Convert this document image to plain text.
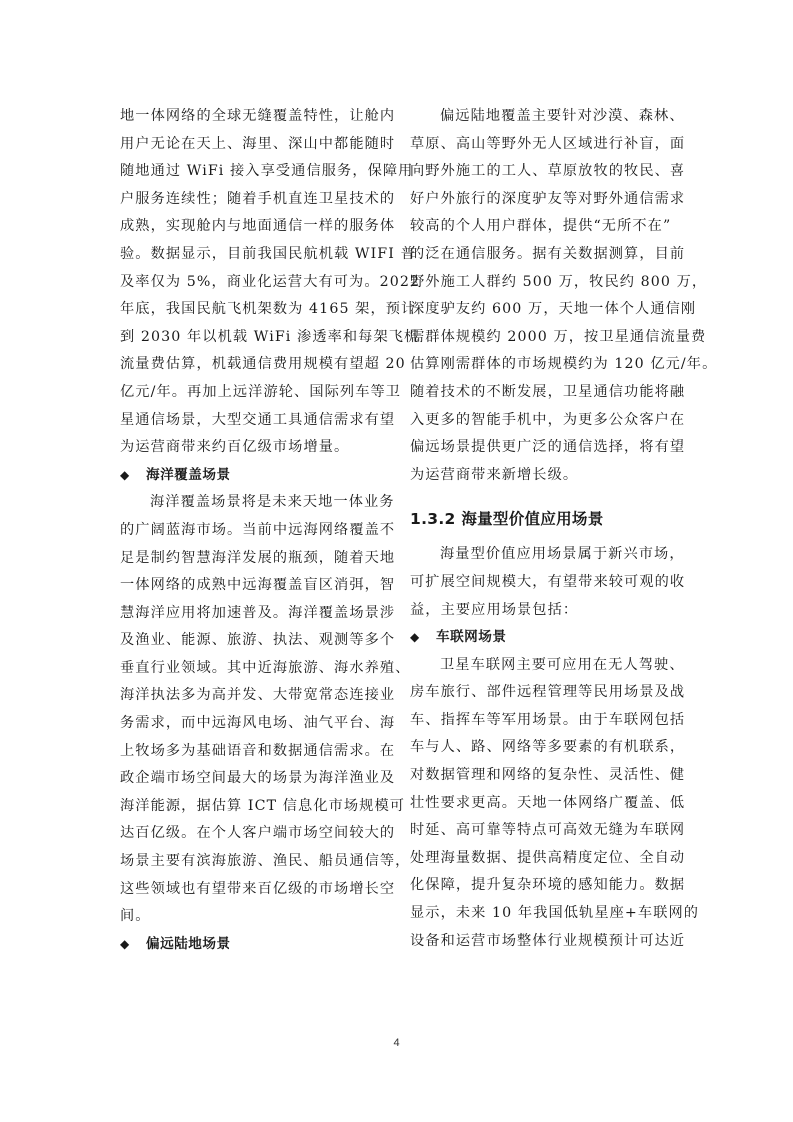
地一体网络的全球无缝覆盖特性，让舱内
用户无论在天上、海里、深山中都能随时
随地通过 WiFi 接入享受通信服务，保障用
户服务连续性；随着手机直连卫星技术的
成熟，实现舱内与地面通信一样的服务体
验。数据显示，目前我国民航机载 WIFI 普
及率仅为 5%，商业化运营大有可为。2022
年底，我国民航飞机架数为 4165 架，预计
到 2030 年以机载 WiFi 渗透率和每架飞机
流量费估算，机载通信费用规模有望超 20
亿元/年。再加上远洋游轮、国际列车等卫
星通信场景，大型交通工具通信需求有望
为运营商带来约百亿级市场增量。
◆	海洋覆盖场景
海洋覆盖场景将是未来天地一体业务
的广阔蓝海市场。当前中远海网络覆盖不
足是制约智慧海洋发展的瓶颈，随着天地
一体网络的成熟中远海覆盖盲区消弭，智
慧海洋应用将加速普及。海洋覆盖场景涉
及渔业、能源、旅游、执法、观测等多个
垂直行业领域。其中近海旅游、海水养殖、
海洋执法多为高并发、大带宽常态连接业
务需求，而中远海风电场、油气平台、海
上牧场多为基础语音和数据通信需求。在
政企端市场空间最大的场景为海洋渔业及
海洋能源，据估算 ICT 信息化市场规模可
达百亿级。在个人客户端市场空间较大的
场景主要有滨海旅游、渔民、船员通信等，
这些领域也有望带来百亿级的市场增长空
间。
◆	偏远陆地场景
偏远陆地覆盖主要针对沙漠、森林、
草原、高山等野外无人区域进行补盲，面
向野外施工的工人、草原放牧的牧民、喜
好户外旅行的深度驴友等对野外通信需求
较高的个人用户群体，提供“无所不在”
的泛在通信服务。据有关数据测算，目前
野外施工人群约 500 万，牧民约 800 万，
深度驴友约 600 万，天地一体个人通信刚
需群体规模约 2000 万，按卫星通信流量费
估算刚需群体的市场规模约为 120 亿元/年。
随着技术的不断发展，卫星通信功能将融
入更多的智能手机中，为更多公众客户在
偏远场景提供更广泛的通信选择，将有望
为运营商带来新增长级。
1.3.2 海量型价值应用场景
海量型价值应用场景属于新兴市场，
可扩展空间规模大，有望带来较可观的收
益，主要应用场景包括：
◆	车联网场景
卫星车联网主要可应用在无人驾驶、
房车旅行、部件远程管理等民用场景及战
车、指挥车等军用场景。由于车联网包括
车与人、路、网络等多要素的有机联系，
对数据管理和网络的复杂性、灵活性、健
壮性要求更高。天地一体网络广覆盖、低
时延、高可靠等特点可高效无缝为车联网
处理海量数据、提供高精度定位、全自动
化保障，提升复杂环境的感知能力。数据
显示，未来 10 年我国低轨星座+车联网的
设备和运营市场整体行业规模预计可达近
4
